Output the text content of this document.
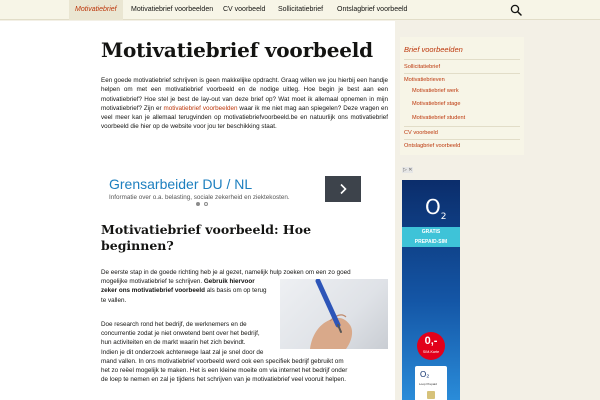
Motivatiebrief	Motivatiebrief voorbeelden CV voorbeeld Sollicitatiebrief Ontslagbrief voorbeeld
Motivatiebrief voorbeeld

Een goede motivatiebrief schrijven is geen makkelijke opdracht. Graag willen we jou hierbij een handje helpen om met een motivatiebrief voorbeeld en de nodige uitleg. Hoe begin je best aan een motivatiebrief? Hoe stel je best de lay-out van deze brief op? Wat moet ik allemaal opnemen in mijn motivatiebrief? Zijn er motivatiebrief voorbeelden waar ik me niet mag aan spiegelen? Deze vragen en veel meer kan je allemaal terugvinden op motivatiebriefvoorbeeld.be en natuurlijk ons motivatiebrief voorbeeld die hier op de website voor jou ter beschikking staat.

Grensarbeider DU / NL
Informatie over o.a. belasting, sociale zekerheid en ziektekosten.
Motivatiebrief voorbeeld: Hoe beginnen?
De eerste stap in de goede richting heb je al gezet, namelijk hulp zoeken om een zo goed
mogelijke motivatiebrief te schrijven. Gebruik hiervoor
zeker ons motivatiebrief voorbeeld als basis om op terug
te vallen.
Doe research rond het bedrijf, de werknemers en de
concurrentie zodat je niet onwetend bent over het bedrijf,
hun activiteiten en de markt waarin het zich bevindt.
Indien je dit onderzoek achterwege laat zal je snel door de
mand vallen. In ons motivatiebrief voorbeeld werd ook een specifiek bedrijf gebruikt om
het zo reëel mogelijk te maken. Het is een kleine moeite om via internet het bedrijf onder
de loep te nemen en zal je tijdens het schrijven van je motivatiebrief veel vooruit helpen.
Brief voorbeelden
Sollicitatiebrief
Motivatiebrieven
Motivatiebrief werk
Motivatiebrief stage
Motivatiebrief student
CV voorbeeld
Ontslagbrief voorbeeld
▷ ✕
$O_2$
GRATIS
PREPAID-SIM
0,-
SIM-Karte
O₂
Loop Prepaid
